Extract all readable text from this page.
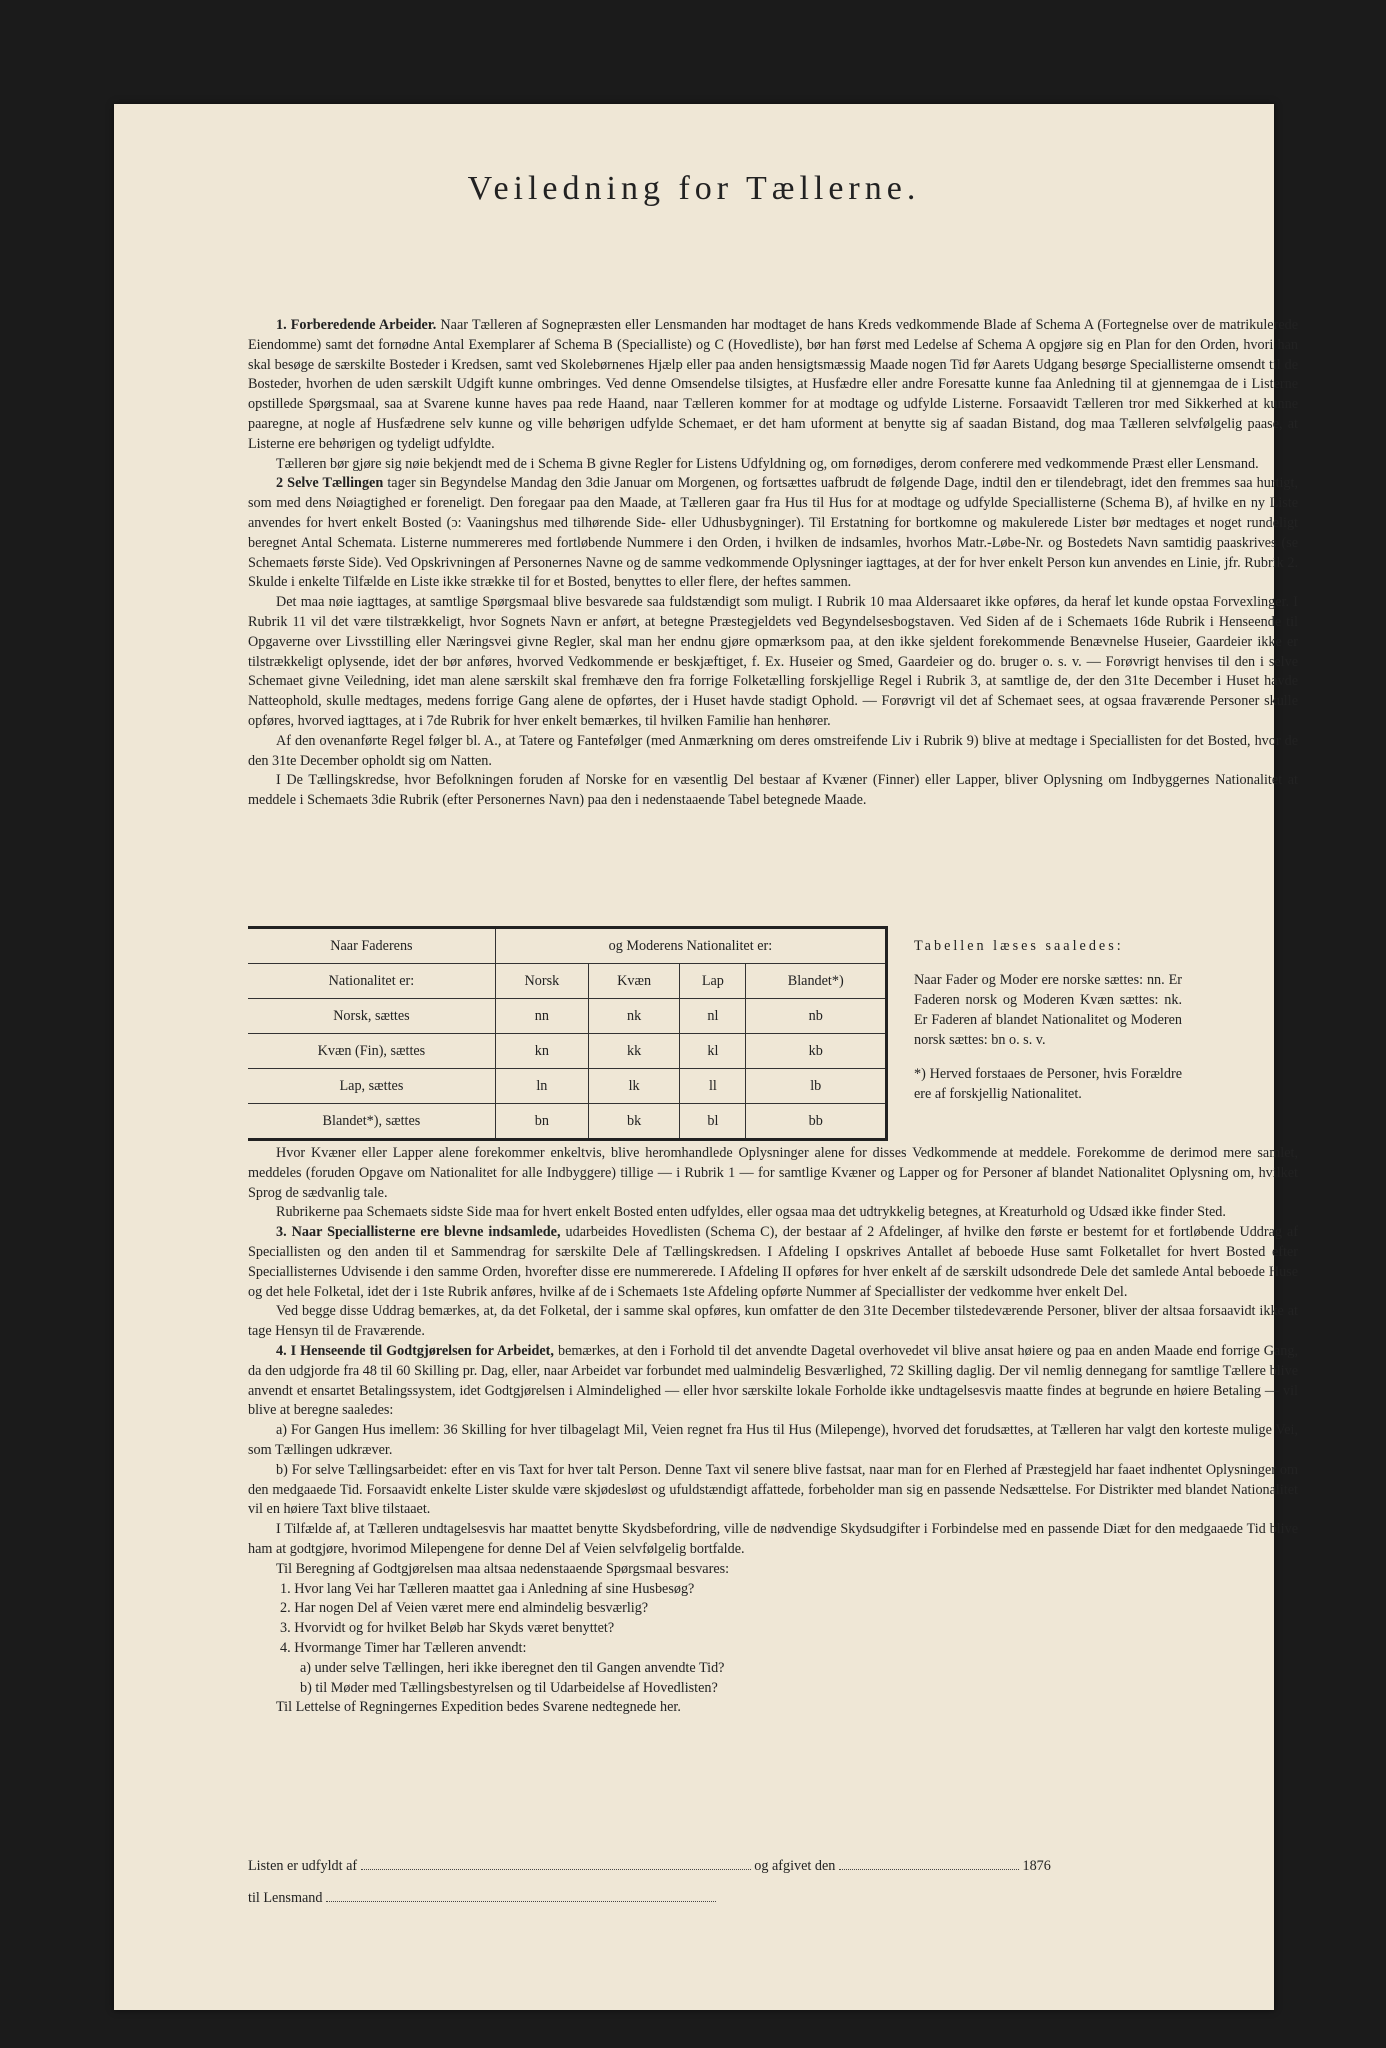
Veiledning for Tællerne.

1. Forberedende Arbeider. Naar Tælleren af Sognepræsten eller Lensmanden har modtaget de hans Kreds vedkommende Blade af Schema A (Fortegnelse over de matrikulerede Eiendomme) samt det fornødne Antal Exemplarer af Schema B (Specialliste) og C (Hovedliste), bør han først med Ledelse af Schema A opgjøre sig en Plan for den Orden, hvori han skal besøge de særskilte Bosteder i Kredsen, samt ved Skolebørnenes Hjælp eller paa anden hensigtsmæssig Maade nogen Tid før Aarets Udgang besørge Speciallisterne omsendt til de Bosteder, hvorhen de uden særskilt Udgift kunne ombringes. Ved denne Omsendelse tilsigtes, at Husfædre eller andre Foresatte kunne faa Anledning til at gjennemgaa de i Listerne opstillede Spørgsmaal, saa at Svarene kunne haves paa rede Haand, naar Tælleren kommer for at modtage og udfylde Listerne. Forsaavidt Tælleren tror med Sikkerhed at kunne paaregne, at nogle af Husfædrene selv kunne og ville behørigen udfylde Schemaet, er det ham uforment at benytte sig af saadan Bistand, dog maa Tælleren selvfølgelig paase, at Listerne ere behørigen og tydeligt udfyldte.

Tælleren bør gjøre sig nøie bekjendt med de i Schema B givne Regler for Listens Udfyldning og, om fornødiges, derom conferere med vedkommende Præst eller Lensmand.

2 Selve Tællingen tager sin Begyndelse Mandag den 3die Januar om Morgenen, og fortsættes uafbrudt de følgende Dage, indtil den er tilendebragt, idet den fremmes saa hurtigt, som med dens Nøiagtighed er foreneligt. Den foregaar paa den Maade, at Tælleren gaar fra Hus til Hus for at modtage og udfylde Speciallisterne (Schema B), af hvilke en ny Liste anvendes for hvert enkelt Bosted (ɔ: Vaaningshus med tilhørende Side- eller Udhusbygninger). Til Erstatning for bortkomne og makulerede Lister bør medtages et noget rundeligt beregnet Antal Schemata. Listerne nummereres med fortløbende Nummere i den Orden, i hvilken de indsamles, hvorhos Matr.-Løbe-Nr. og Bostedets Navn samtidig paaskrives (se Schemaets første Side). Ved Opskrivningen af Personernes Navne og de samme vedkommende Oplysninger iagttages, at der for hver enkelt Person kun anvendes en Linie, jfr. Rubrik 2. Skulde i enkelte Tilfælde en Liste ikke strække til for et Bosted, benyttes to eller flere, der heftes sammen.

Det maa nøie iagttages, at samtlige Spørgsmaal blive besvarede saa fuldstændigt som muligt. I Rubrik 10 maa Aldersaaret ikke opføres, da heraf let kunde opstaa Forvexlinger. I Rubrik 11 vil det være tilstrækkeligt, hvor Sognets Navn er anført, at betegne Præstegjeldets ved Begyndelsesbogstaven. Ved Siden af de i Schemaets 16de Rubrik i Henseende til Opgaverne over Livsstilling eller Næringsvei givne Regler, skal man her endnu gjøre opmærksom paa, at den ikke sjeldent forekommende Benævnelse Huseier, Gaardeier ikke er tilstrækkeligt oplysende, idet der bør anføres, hvorved Vedkommende er beskjæftiget, f. Ex. Huseier og Smed, Gaardeier og do. bruger o. s. v. — Forøvrigt henvises til den i selve Schemaet givne Veiledning, idet man alene særskilt skal fremhæve den fra forrige Folketælling forskjellige Regel i Rubrik 3, at samtlige de, der den 31te December i Huset havde Natteophold, skulle medtages, medens forrige Gang alene de opførtes, der i Huset havde stadigt Ophold. — Forøvrigt vil det af Schemaet sees, at ogsaa fraværende Personer skulle opføres, hvorved iagttages, at i 7de Rubrik for hver enkelt bemærkes, til hvilken Familie han henhører.

Af den ovenanførte Regel følger bl. A., at Tatere og Fantefølger (med Anmærkning om deres omstreifende Liv i Rubrik 9) blive at medtage i Speciallisten for det Bosted, hvor de den 31te December opholdt sig om Natten.

I De Tællingskredse, hvor Befolkningen foruden af Norske for en væsentlig Del bestaar af Kvæner (Finner) eller Lapper, bliver Oplysning om Indbyggernes Nationalitet at meddele i Schemaets 3die Rubrik (efter Personernes Navn) paa den i nedenstaaende Tabel betegnede Maade.

Naar Faderens	og Moderens Nationalitet er:			
Nationalitet er:	Norsk	Kvæn	Lap	Blandet*)
Norsk, sættes	nn	nk	nl	nb
Kvæn (Fin), sættes	kn	kk	kl	kb
Lap, sættes	ln	lk	ll	lb
Blandet*), sættes	bn	bk	bl	bb

Tabellen læses saaledes:

Naar Fader og Moder ere norske sættes: nn. Er Faderen norsk og Moderen Kvæn sættes: nk. Er Faderen af blandet Nationalitet og Moderen norsk sættes: bn o. s. v.

*) Herved forstaaes de Personer, hvis Forældre ere af forskjellig Nationalitet.

Hvor Kvæner eller Lapper alene forekommer enkeltvis, blive heromhandlede Oplysninger alene for disses Vedkommende at meddele. Forekomme de derimod mere samlet, meddeles (foruden Opgave om Nationalitet for alle Indbyggere) tillige — i Rubrik 1 — for samtlige Kvæner og Lapper og for Personer af blandet Nationalitet Oplysning om, hvilket Sprog de sædvanlig tale.

Rubrikerne paa Schemaets sidste Side maa for hvert enkelt Bosted enten udfyldes, eller ogsaa maa det udtrykkelig betegnes, at Kreaturhold og Udsæd ikke finder Sted.

3. Naar Speciallisterne ere blevne indsamlede, udarbeides Hovedlisten (Schema C), der bestaar af 2 Afdelinger, af hvilke den første er bestemt for et fortløbende Uddrag af Speciallisten og den anden til et Sammendrag for særskilte Dele af Tællingskredsen. I Afdeling I opskrives Antallet af beboede Huse samt Folketallet for hvert Bosted efter Speciallisternes Udvisende i den samme Orden, hvorefter disse ere nummererede. I Afdeling II opføres for hver enkelt af de særskilt udsondrede Dele det samlede Antal beboede Huse og det hele Folketal, idet der i 1ste Rubrik anføres, hvilke af de i Schemaets 1ste Afdeling opførte Nummer af Speciallister der vedkomme hver enkelt Del.

Ved begge disse Uddrag bemærkes, at, da det Folketal, der i samme skal opføres, kun omfatter de den 31te December tilstedeværende Personer, bliver der altsaa forsaavidt ikke at tage Hensyn til de Fraværende.

4. I Henseende til Godtgjørelsen for Arbeidet, bemærkes, at den i Forhold til det anvendte Dagetal overhovedet vil blive ansat høiere og paa en anden Maade end forrige Gang, da den udgjorde fra 48 til 60 Skilling pr. Dag, eller, naar Arbeidet var forbundet med ualmindelig Besværlighed, 72 Skilling daglig. Der vil nemlig dennegang for samtlige Tællere blive anvendt et ensartet Betalingssystem, idet Godtgjørelsen i Almindelighed — eller hvor særskilte lokale Forholde ikke undtagelsesvis maatte findes at begrunde en høiere Betaling — vil blive at beregne saaledes:

a) For Gangen Hus imellem: 36 Skilling for hver tilbagelagt Mil, Veien regnet fra Hus til Hus (Milepenge), hvorved det forudsættes, at Tælleren har valgt den korteste mulige Vei, som Tællingen udkræver.

b) For selve Tællingsarbeidet: efter en vis Taxt for hver talt Person. Denne Taxt vil senere blive fastsat, naar man for en Flerhed af Præstegjeld har faaet indhentet Oplysninger om den medgaaede Tid. Forsaavidt enkelte Lister skulde være skjødesløst og ufuldstændigt affattede, forbeholder man sig en passende Nedsættelse. For Distrikter med blandet Nationalitet vil en høiere Taxt blive tilstaaet.

I Tilfælde af, at Tælleren undtagelsesvis har maattet benytte Skydsbefordring, ville de nødvendige Skydsudgifter i Forbindelse med en passende Diæt for den medgaaede Tid blive ham at godtgjøre, hvorimod Milepengene for denne Del af Veien selvfølgelig bortfalde.

Til Beregning af Godtgjørelsen maa altsaa nedenstaaende Spørgsmaal besvares:

1. Hvor lang Vei har Tælleren maattet gaa i Anledning af sine Husbesøg?

2. Har nogen Del af Veien været mere end almindelig besværlig?

3. Hvorvidt og for hvilket Beløb har Skyds været benyttet?

4. Hvormange Timer har Tælleren anvendt:

a) under selve Tællingen, heri ikke iberegnet den til Gangen anvendte Tid?

b) til Møder med Tællingsbestyrelsen og til Udarbeidelse af Hovedlisten?

Til Lettelse of Regningernes Expedition bedes Svarene nedtegnede her.

Listen er udfyldt af	og afgivet den	1876
til Lensmand
